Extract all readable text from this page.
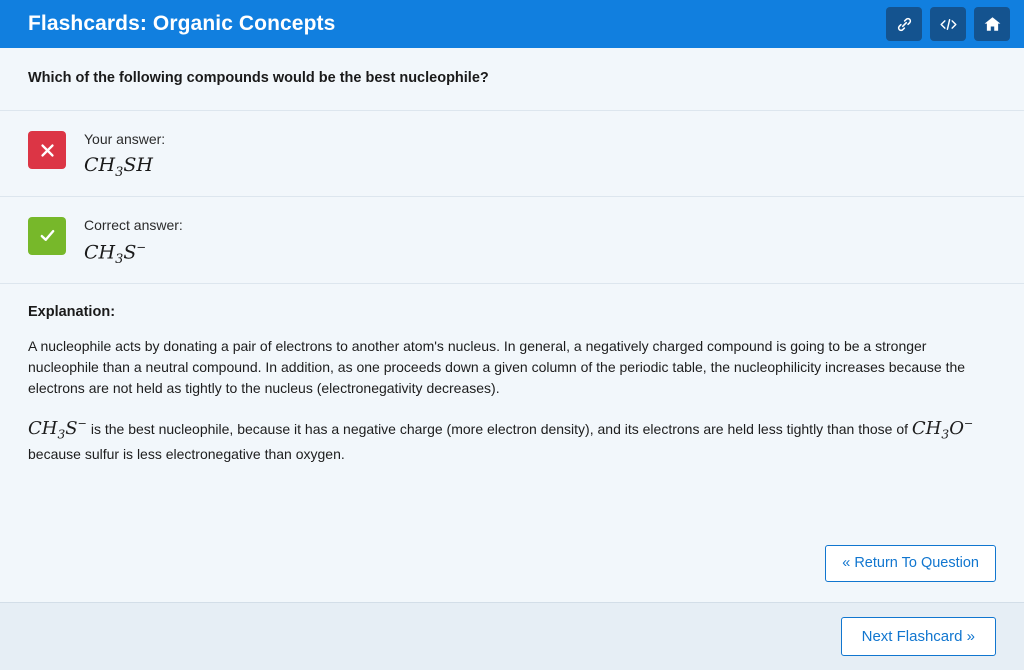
Flashcards: Organic Concepts
Which of the following compounds would be the best nucleophile?
Your answer:
$CH_3SH$
Correct answer:
$CH_3S^-$
Explanation:

A nucleophile acts by donating a pair of electrons to another atom's nucleus. In general, a negatively charged compound is going to be a stronger nucleophile than a neutral compound. In addition, as one proceeds down a given column of the periodic table, the nucleophilicity increases because the electrons are not held as tightly to the nucleus (electronegativity decreases).

$CH_3S^-$ is the best nucleophile, because it has a negative charge (more electron density), and its electrons are held less tightly than those of $CH_3O^-$ because sulfur is less electronegative than oxygen.

« Return To Question
Next Flashcard »
